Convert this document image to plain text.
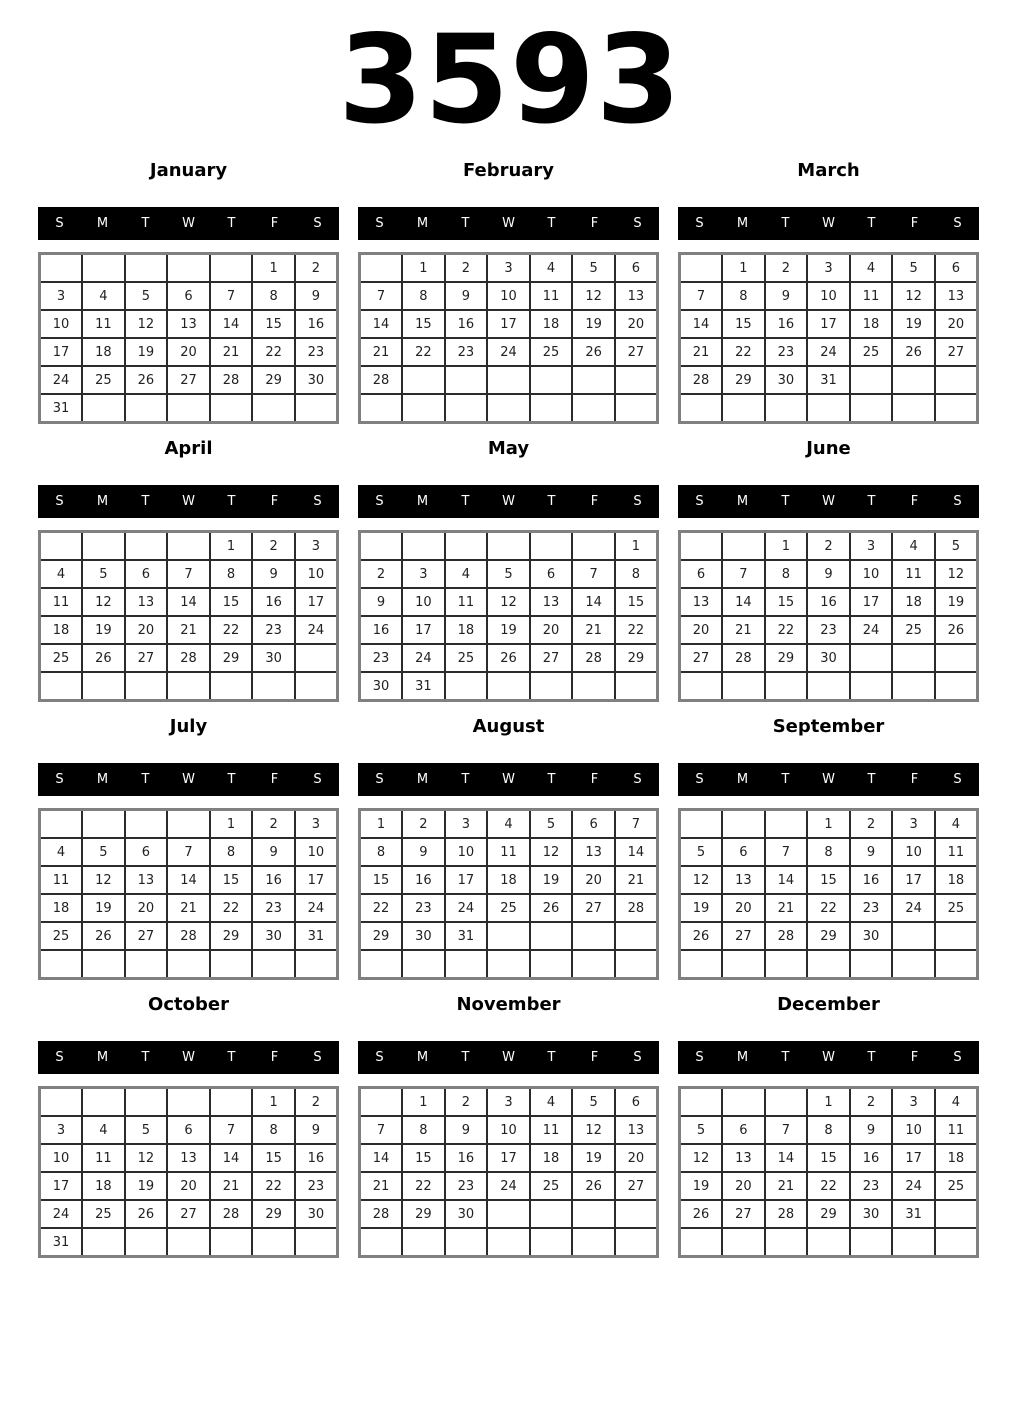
3593
January
S	M	T	W	T	F	S
					1	2
3	4	5	6	7	8	9
10	11	12	13	14	15	16
17	18	19	20	21	22	23
24	25	26	27	28	29	30
31						
February
S	M	T	W	T	F	S
	1	2	3	4	5	6
7	8	9	10	11	12	13
14	15	16	17	18	19	20
21	22	23	24	25	26	27
28						

March
S	M	T	W	T	F	S
	1	2	3	4	5	6
7	8	9	10	11	12	13
14	15	16	17	18	19	20
21	22	23	24	25	26	27
28	29	30	31			

April
S	M	T	W	T	F	S
				1	2	3
4	5	6	7	8	9	10
11	12	13	14	15	16	17
18	19	20	21	22	23	24
25	26	27	28	29	30	

May
S	M	T	W	T	F	S
						1
2	3	4	5	6	7	8
9	10	11	12	13	14	15
16	17	18	19	20	21	22
23	24	25	26	27	28	29
30	31					
June
S	M	T	W	T	F	S
		1	2	3	4	5
6	7	8	9	10	11	12
13	14	15	16	17	18	19
20	21	22	23	24	25	26
27	28	29	30			

July
S	M	T	W	T	F	S
				1	2	3
4	5	6	7	8	9	10
11	12	13	14	15	16	17
18	19	20	21	22	23	24
25	26	27	28	29	30	31

August
S	M	T	W	T	F	S
1	2	3	4	5	6	7
8	9	10	11	12	13	14
15	16	17	18	19	20	21
22	23	24	25	26	27	28
29	30	31				

September
S	M	T	W	T	F	S
			1	2	3	4
5	6	7	8	9	10	11
12	13	14	15	16	17	18
19	20	21	22	23	24	25
26	27	28	29	30		

October
S	M	T	W	T	F	S
					1	2
3	4	5	6	7	8	9
10	11	12	13	14	15	16
17	18	19	20	21	22	23
24	25	26	27	28	29	30
31						
November
S	M	T	W	T	F	S
	1	2	3	4	5	6
7	8	9	10	11	12	13
14	15	16	17	18	19	20
21	22	23	24	25	26	27
28	29	30				

December
S	M	T	W	T	F	S
			1	2	3	4
5	6	7	8	9	10	11
12	13	14	15	16	17	18
19	20	21	22	23	24	25
26	27	28	29	30	31	
